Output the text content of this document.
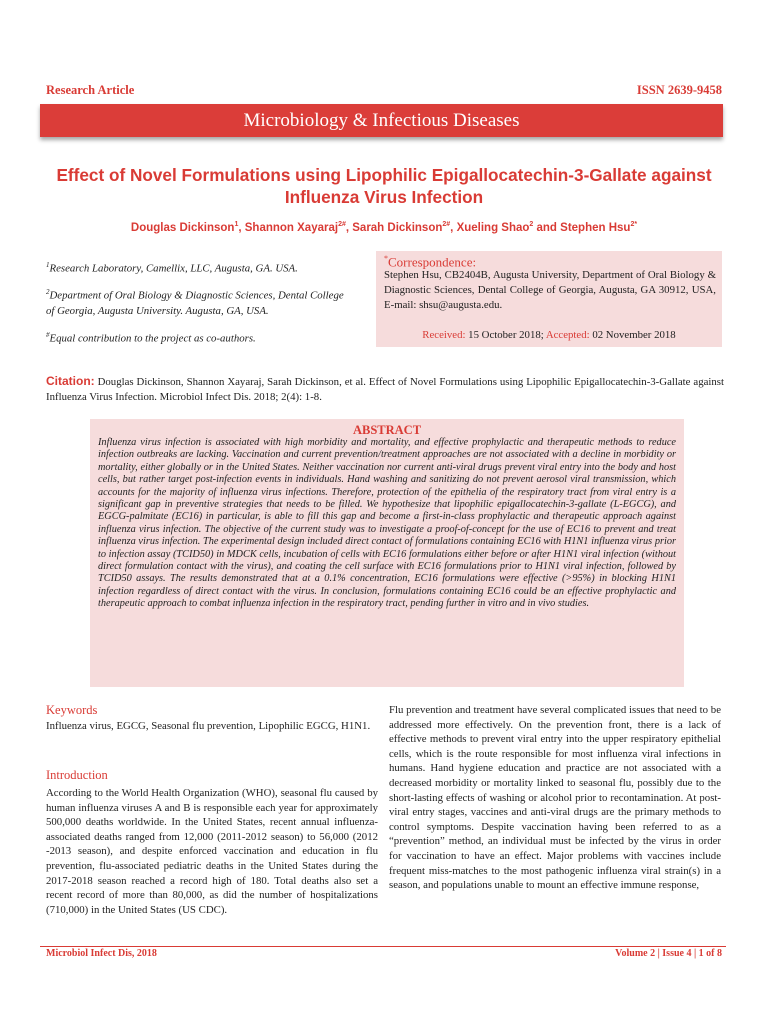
Research Article	ISSN 2639-9458
Microbiology & Infectious Diseases
Effect of Novel Formulations using Lipophilic Epigallocatechin-3-Gallate against Influenza Virus Infection
Douglas Dickinson$^1$, Shannon Xayaraj$^{2\#}$, Sarah Dickinson$^{2\#}$, Xueling Shao$^2$ and Stephen Hsu$^{2*}$
$^1$Research Laboratory, Camellix, LLC, Augusta, GA. USA.
$^2$Department of Oral Biology & Diagnostic Sciences, Dental College of Georgia, Augusta University. Augusta, GA, USA.
#Equal contribution to the project as co-authors.
*Correspondence:
Stephen Hsu, CB2404B, Augusta University, Department of Oral Biology & Diagnostic Sciences, Dental College of Georgia, Augusta, GA 30912, USA, E-mail: shsu@augusta.edu.
Received: 15 October 2018; Accepted: 02 November 2018
Citation: Douglas Dickinson, Shannon Xayaraj, Sarah Dickinson, et al. Effect of Novel Formulations using Lipophilic Epigallocatechin-3-Gallate against Influenza Virus Infection. Microbiol Infect Dis. 2018; 2(4): 1-8.
ABSTRACT
Influenza virus infection is associated with high morbidity and mortality, and effective prophylactic and therapeutic methods to reduce infection outbreaks are lacking. Vaccination and current prevention/treatment approaches are not associated with a decline in morbidity or mortality, either globally or in the United States. Neither vaccination nor current anti-viral drugs prevent viral entry into the body and host cells, but rather target post-infection events in individuals. Hand washing and sanitizing do not prevent aerosol viral transmission, which accounts for the majority of influenza virus infections. Therefore, protection of the epithelia of the respiratory tract from viral entry is a significant gap in preventive strategies that needs to be filled. We hypothesize that lipophilic epigallocatechin-3-gallate (L-EGCG), and EGCG-palmitate (EC16) in particular, is able to fill this gap and become a first-in-class prophylactic and therapeutic approach against influenza virus infection. The objective of the current study was to investigate a proof-of-concept for the use of EC16 to prevent and treat influenza virus infection. The experimental design included direct contact of formulations containing EC16 with H1N1 influenza virus prior to infection assay (TCID50) in MDCK cells, incubation of cells with EC16 formulations either before or after H1N1 viral infection (without direct formulation contact with the virus), and coating the cell surface with EC16 formulations prior to H1N1 viral infection, followed by TCID50 assays. The results demonstrated that at a 0.1% concentration, EC16 formulations were effective (>95%) in blocking H1N1 infection regardless of direct contact with the virus. In conclusion, formulations containing EC16 could be an effective prophylactic and therapeutic approach to combat influenza infection in the respiratory tract, pending further in vitro and in vivo studies.
Keywords
Influenza virus, EGCG, Seasonal flu prevention, Lipophilic EGCG, H1N1.
Introduction
According to the World Health Organization (WHO), seasonal flu caused by human influenza viruses A and B is responsible each year for approximately 500,000 deaths worldwide. In the United States, recent annual influenza-associated deaths ranged from 12,000 (2011-2012 season) to 56,000 (2012 -2013 season), and despite enforced vaccination and education in flu prevention, flu-associated pediatric deaths in the United States during the 2017-2018 season reached a record high of 180. Total deaths also set a recent record of more than 80,000, as did the number of hospitalizations (710,000) in the United States (US CDC).
Flu prevention and treatment have several complicated issues that need to be addressed more effectively. On the prevention front, there is a lack of effective methods to prevent viral entry into the upper respiratory epithelial cells, which is the route responsible for most influenza viral infections in humans. Hand hygiene education and practice are not associated with a decreased morbidity or mortality linked to seasonal flu, possibly due to the short-lasting effects of washing or alcohol prior to recontamination. At post-viral entry stages, vaccines and anti-viral drugs are the primary methods to control symptoms. Despite vaccination having been referred to as a “prevention” method, an individual must be infected by the virus in order for vaccination to have an effect. Major problems with vaccines include frequent miss-matches to the most pathogenic influenza viral strain(s) in a season, and populations unable to mount an effective immune response,
Microbiol Infect Dis, 2018	Volume 2 | Issue 4 | 1 of 8
